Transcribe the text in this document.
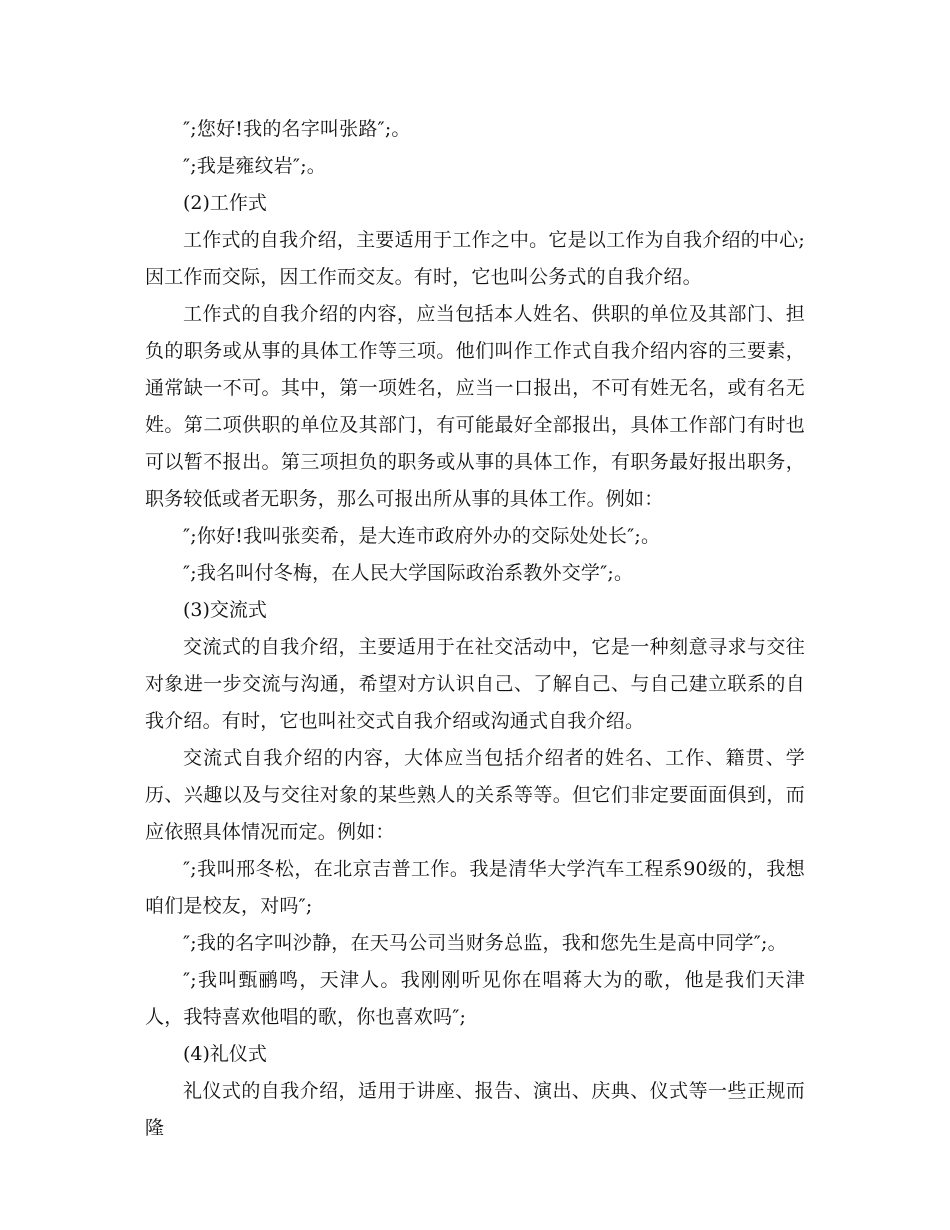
″;您好!我的名字叫张路″;。

″;我是雍纹岩″;。

(2)工作式

工作式的自我介绍，主要适用于工作之中。它是以工作为自我介绍的中心;因工作而交际，因工作而交友。有时，它也叫公务式的自我介绍。

工作式的自我介绍的内容，应当包括本人姓名、供职的单位及其部门、担负的职务或从事的具体工作等三项。他们叫作工作式自我介绍内容的三要素，通常缺一不可。其中，第一项姓名，应当一口报出，不可有姓无名，或有名无姓。第二项供职的单位及其部门，有可能最好全部报出，具体工作部门有时也可以暂不报出。第三项担负的职务或从事的具体工作，有职务最好报出职务，职务较低或者无职务，那么可报出所从事的具体工作。例如：

″;你好!我叫张奕希，是大连市政府外办的交际处处长″;。

″;我名叫付冬梅，在人民大学国际政治系教外交学″;。

(3)交流式

交流式的自我介绍，主要适用于在社交活动中，它是一种刻意寻求与交往对象进一步交流与沟通，希望对方认识自己、了解自己、与自己建立联系的自我介绍。有时，它也叫社交式自我介绍或沟通式自我介绍。

交流式自我介绍的内容，大体应当包括介绍者的姓名、工作、籍贯、学历、兴趣以及与交往对象的某些熟人的关系等等。但它们非定要面面俱到，而应依照具体情况而定。例如：

″;我叫邢冬松，在北京吉普工作。我是清华大学汽车工程系90级的，我想咱们是校友，对吗″;

″;我的名字叫沙静，在天马公司当财务总监，我和您先生是高中同学″;。

″;我叫甄鹂鸣，天津人。我刚刚听见你在唱蒋大为的歌，他是我们天津人，我特喜欢他唱的歌，你也喜欢吗″;

(4)礼仪式

礼仪式的自我介绍，适用于讲座、报告、演出、庆典、仪式等一些正规而隆
